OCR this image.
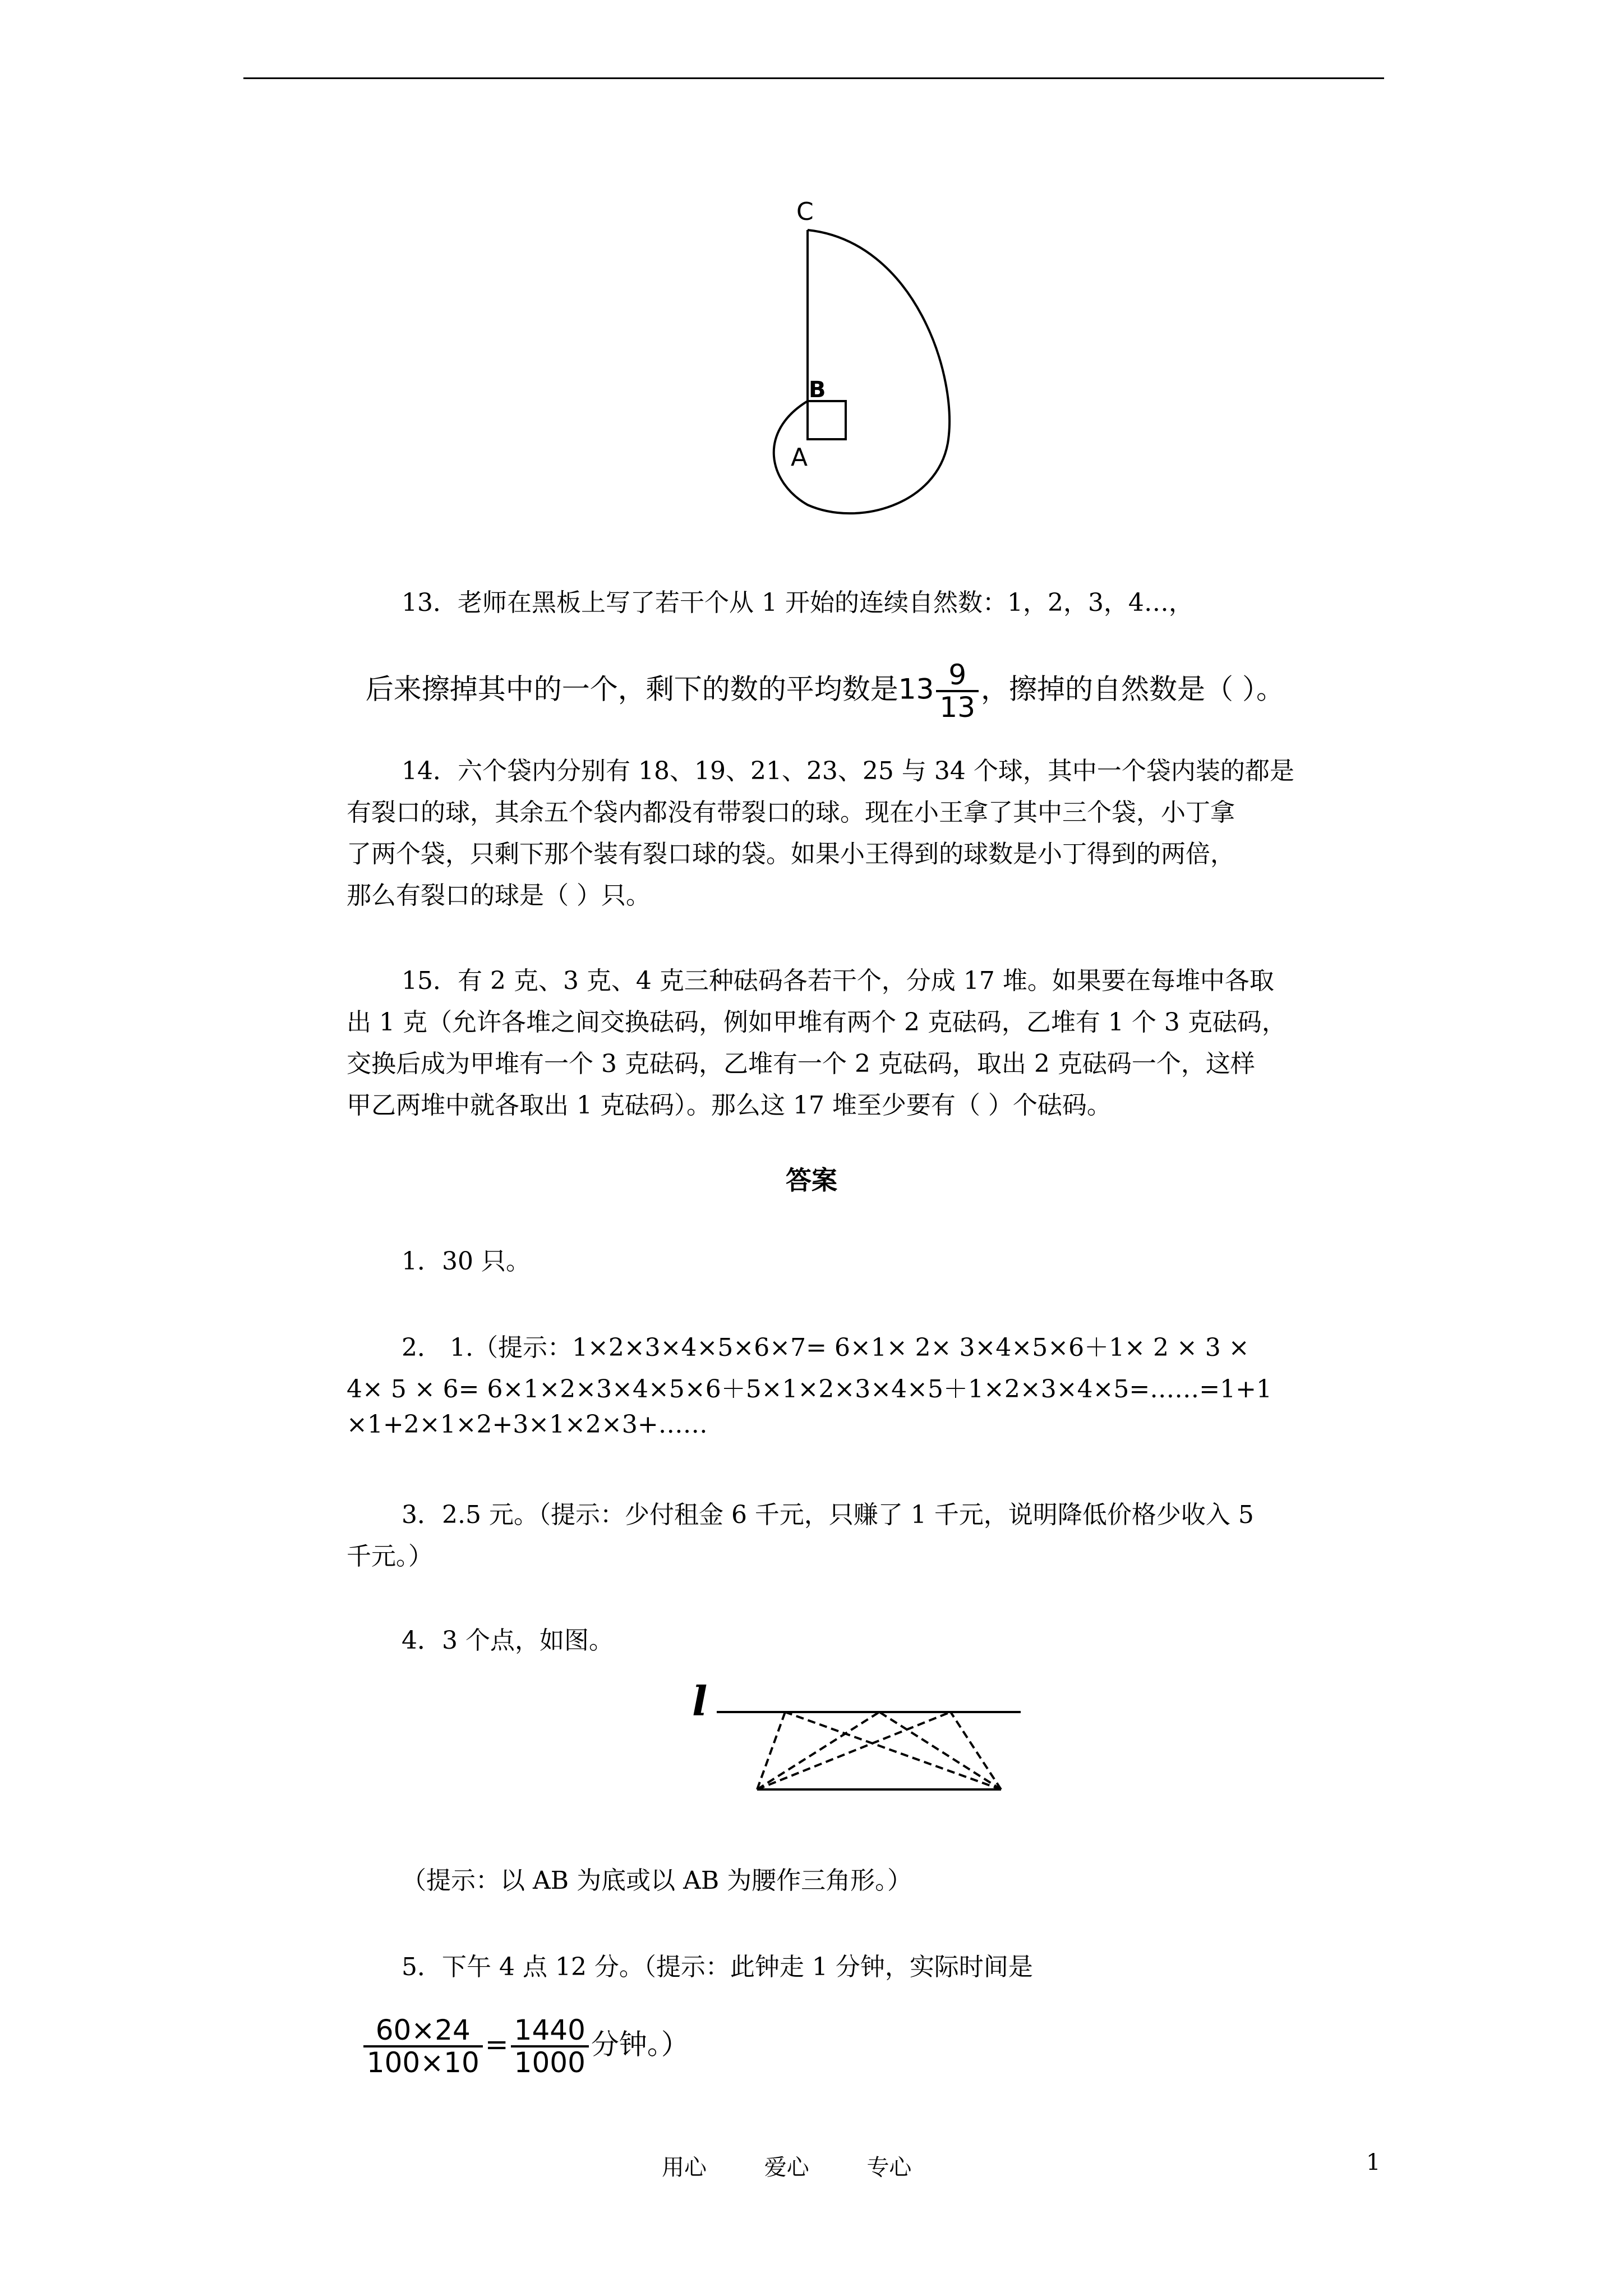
C
B
A
13．老师在黑板上写了若干个从 1 开始的连续自然数：1，2，3，4…，

后来擦掉其中的一个，剩下的数的平均数是$13 \frac{9}{13}$ ，擦掉的自然数是（ ）。

14．六个袋内分别有 18、19、21、23、25 与 34 个球，其中一个袋内装的都是
有裂口的球，其余五个袋内都没有带裂口的球。现在小王拿了其中三个袋，小丁拿
了两个袋，只剩下那个装有裂口球的袋。如果小王得到的球数是小丁得到的两倍，
那么有裂口的球是（ ）只。
15．有 2 克、3 克、4 克三种砝码各若干个，分成 17 堆。如果要在每堆中各取
出 1 克（允许各堆之间交换砝码，例如甲堆有两个 2 克砝码，乙堆有 1 个 3 克砝码，
交换后成为甲堆有一个 3 克砝码，乙堆有一个 2 克砝码，取出 2 克砝码一个，这样
甲乙两堆中就各取出 1 克砝码）。那么这 17 堆至少要有（ ）个砝码。
答案
1．30 只。
2． 1.（提示：1×2×3×4×5×6×7= 6×1× 2× 3×4×5×6＋1× 2 × 3 ×
4× 5 × 6= 6×1×2×3×4×5×6＋5×1×2×3×4×5＋1×2×3×4×5=……=1+1
×1+2×1×2+3×1×2×3+……
3．2.5 元。（提示：少付租金 6 千元，只赚了 1 千元，说明降低价格少收入 5
千元。）
4．3 个点，如图。
l
（提示：以 AB 为底或以 AB 为腰作三角形。）
5．下午 4 点 12 分。（提示：此钟走 1 分钟，实际时间是

$\frac{60\times 24}{100\times 10} = \frac{1440}{1000}$ 分钟。）

用心	爱心	专心	1
